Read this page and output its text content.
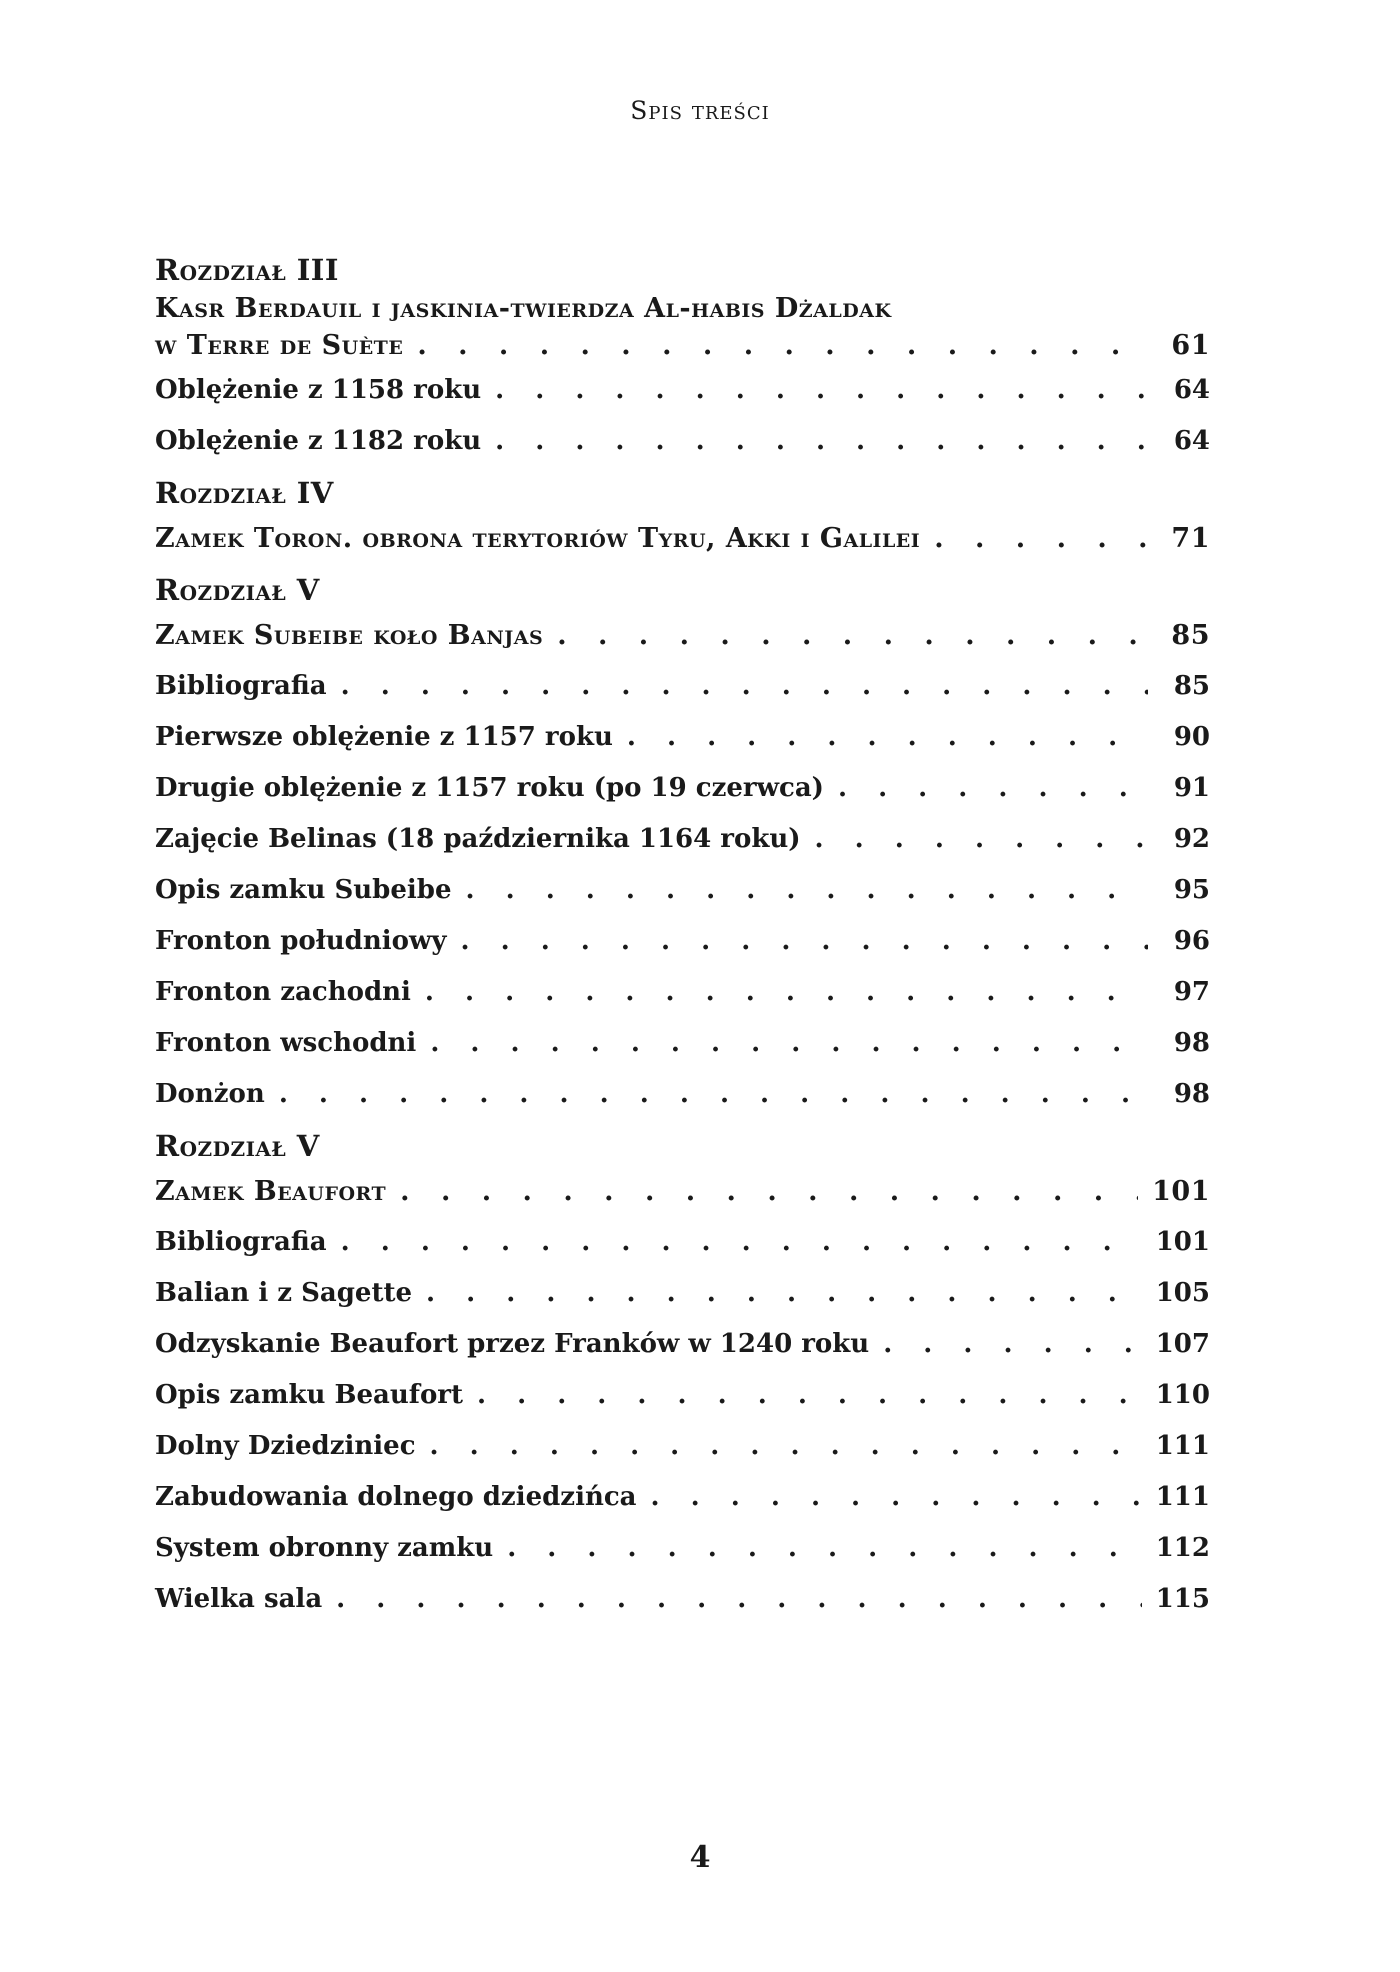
Spis treści
Rozdział III
Kasr Berdauil i jaskinia-twierdza Al-habis Dżaldak
w Terre de Suète . . .	61
Oblężenie z 1158 roku . . .	64
Oblężenie z 1182 roku . . .	64
Rozdział IV
Zamek Toron. obrona terytoriów Tyru, Akki i Galilei . . .	71
Rozdział V
Zamek Subeibe koło Banjas . . .	85
Bibliografia . . .	85
Pierwsze oblężenie z 1157 roku . . .	90
Drugie oblężenie z 1157 roku (po 19 czerwca) . . .	91
Zajęcie Belinas (18 października 1164 roku) . . .	92
Opis zamku Subeibe . . .	95
Fronton południowy . . .	96
Fronton zachodni . . .	97
Fronton wschodni . . .	98
Donżon . . .	98
Rozdział V
Zamek Beaufort . . .	101
Bibliografia . . .	101
Balian i z Sagette . . .	105
Odzyskanie Beaufort przez Franków w 1240 roku . . .	107
Opis zamku Beaufort . . .	110
Dolny Dziedziniec . . .	111
Zabudowania dolnego dziedzińca . . .	111
System obronny zamku . . .	112
Wielka sala . . .	115
4
